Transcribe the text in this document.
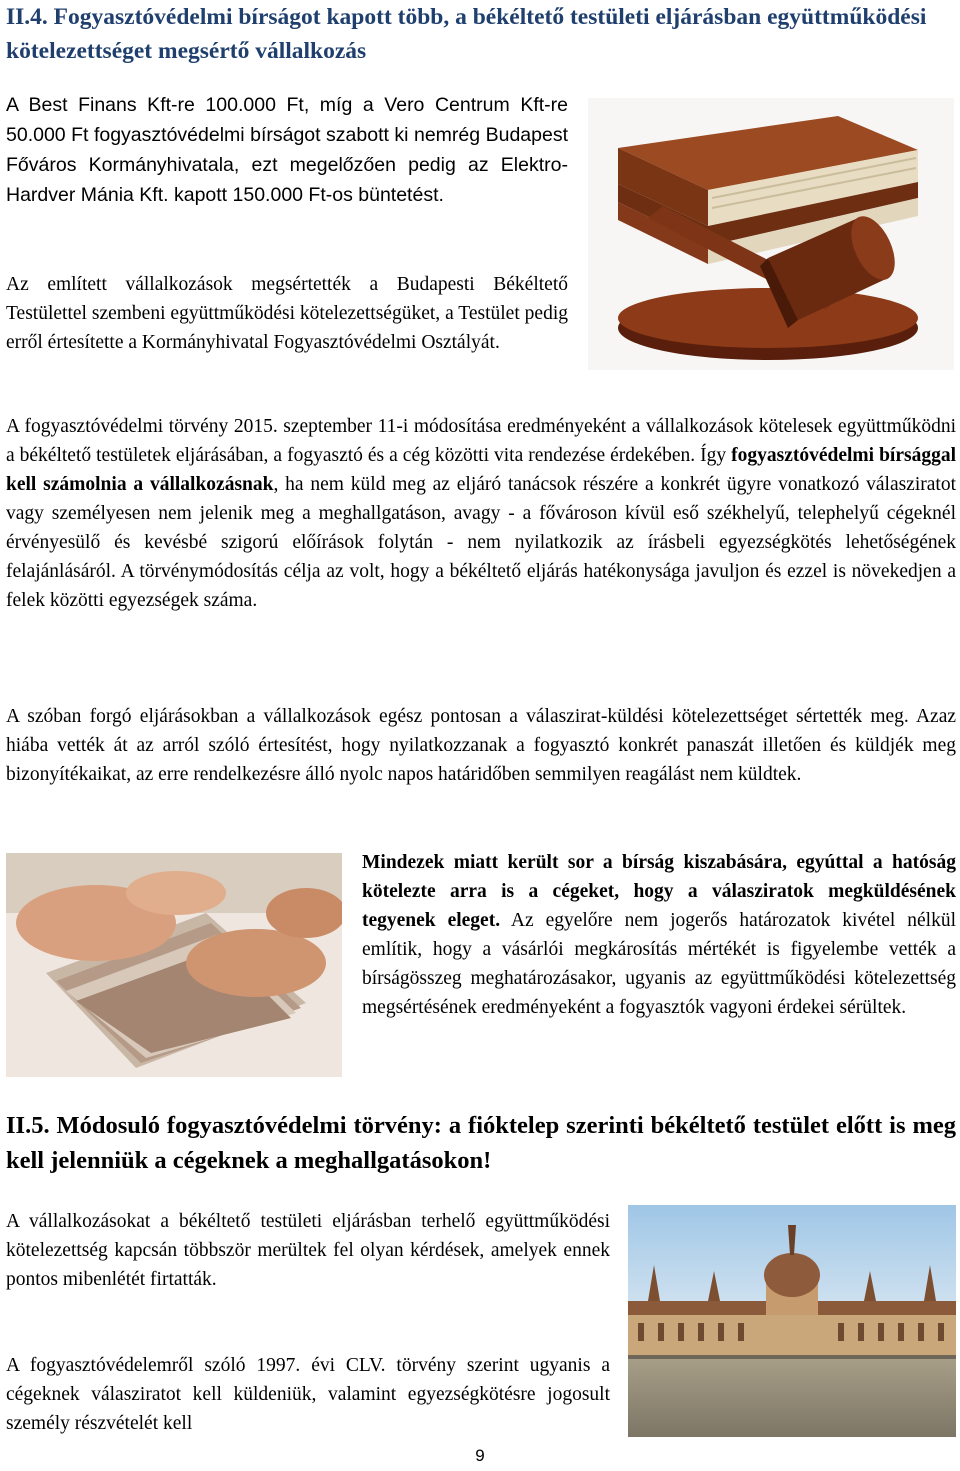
II.4. Fogyasztóvédelmi bírságot kapott több, a békéltető testületi eljárásban együttműködési kötelezettséget megsértő vállalkozás
A Best Finans Kft-re 100.000 Ft, míg a Vero Centrum Kft-re 50.000 Ft fogyasztóvédelmi bírságot szabott ki nemrég Budapest Főváros Kormányhivatala, ezt megelőzően pedig az Elektro-Hardver Mánia Kft. kapott 150.000 Ft-os büntetést.
Az említett vállalkozások megsértették a Budapesti Békéltető Testülettel szembeni együttműködési kötelezettségüket, a Testület pedig erről értesítette a Kormányhivatal Fogyasztóvédelmi Osztályát.
A fogyasztóvédelmi törvény 2015. szeptember 11-i módosítása eredményeként a vállalkozások kötelesek együttműködni a békéltető testületek eljárásában, a fogyasztó és a cég közötti vita rendezése érdekében. Így fogyasztóvédelmi bírsággal kell számolnia a vállalkozásnak, ha nem küld meg az eljáró tanácsok részére a konkrét ügyre vonatkozó válasziratot vagy személyesen nem jelenik meg a meghallgatáson, avagy - a fővároson kívül eső székhelyű, telephelyű cégeknél érvényesülő és kevésbé szigorú előírások folytán - nem nyilatkozik az írásbeli egyezségkötés lehetőségének felajánlásáról. A törvénymódosítás célja az volt, hogy a békéltető eljárás hatékonysága javuljon és ezzel is növekedjen a felek közötti egyezségek száma.
A szóban forgó eljárásokban a vállalkozások egész pontosan a válaszirat-küldési kötelezettséget sértették meg. Azaz hiába vették át az arról szóló értesítést, hogy nyilatkozzanak a fogyasztó konkrét panaszát illetően és küldjék meg bizonyítékaikat, az erre rendelkezésre álló nyolc napos határidőben semmilyen reagálást nem küldtek.
Mindezek miatt került sor a bírság kiszabására, egyúttal a hatóság kötelezte arra is a cégeket, hogy a válasziratok megküldésének tegyenek eleget. Az egyelőre nem jogerős határozatok kivétel nélkül említik, hogy a vásárlói megkárosítás mértékét is figyelembe vették a bírságösszeg meghatározásakor, ugyanis az együttműködési kötelezettség megsértésének eredményeként a fogyasztók vagyoni érdekei sérültek.
II.5. Módosuló fogyasztóvédelmi törvény: a fióktelep szerinti békéltető testület előtt is meg kell jelenniük a cégeknek a meghallgatásokon!
A vállalkozásokat a békéltető testületi eljárásban terhelő együttműködési kötelezettség kapcsán többször merültek fel olyan kérdések, amelyek ennek pontos mibenlétét firtatták.
A fogyasztóvédelemről szóló 1997. évi CLV. törvény szerint ugyanis a cégeknek válasziratot kell küldeniük, valamint egyezségkötésre jogosult személy részvételét kell
9
